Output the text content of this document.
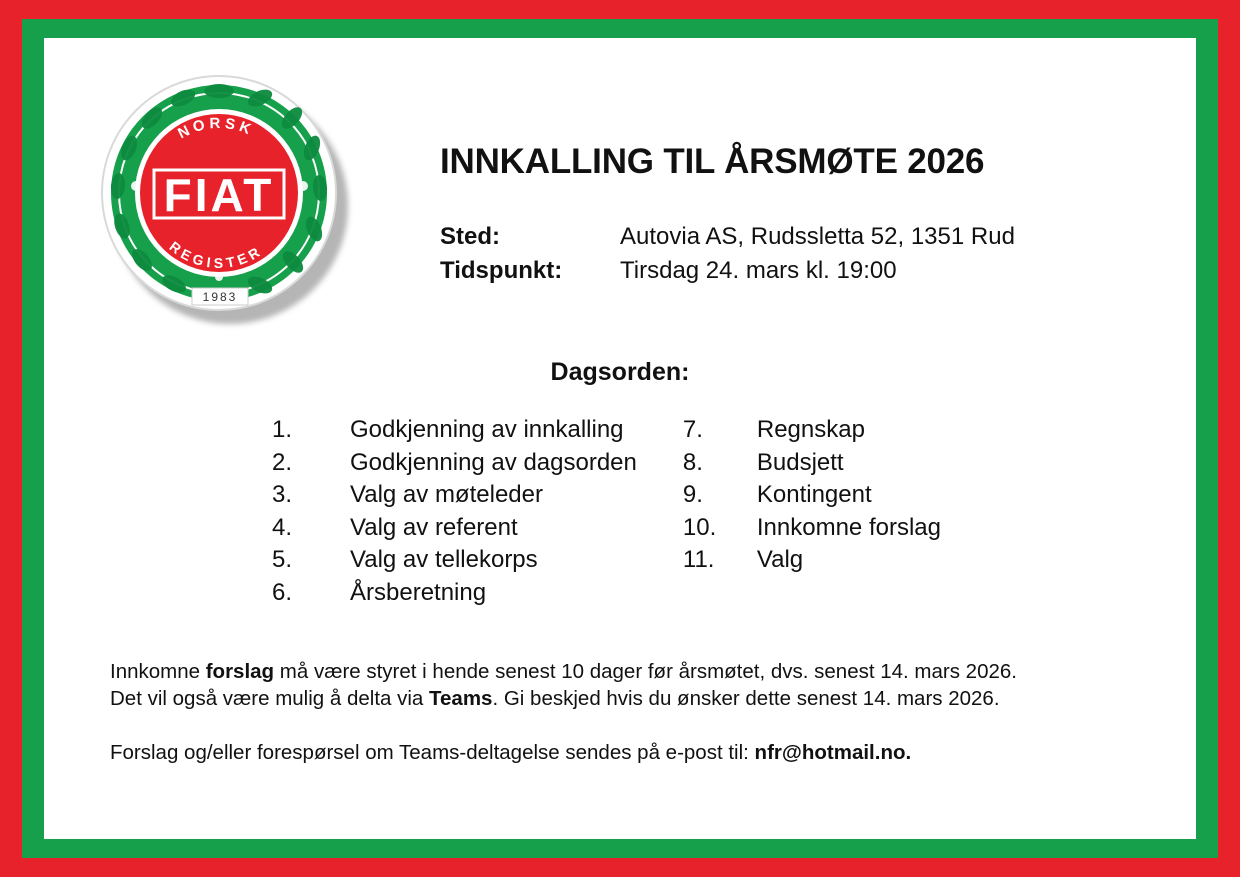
FIAT
NORSK
REGISTER
1983
INNKALLING TIL ÅRSMØTE 2026
Sted:	Autovia AS, Rudssletta 52, 1351 Rud
Tidspunkt:	Tirsdag 24. mars kl. 19:00
Dagsorden:
1.	Godkjenning av innkalling
2.	Godkjenning av dagsorden
3.	Valg av møteleder
4.	Valg av referent
5.	Valg av tellekorps
6.	Årsberetning
7.	Regnskap
8.	Budsjett
9.	Kontingent
10.	Innkomne forslag
11.	Valg
Innkomne forslag må være styret i hende senest 10 dager før årsmøtet, dvs. senest 14. mars 2026.
Det vil også være mulig å delta via Teams. Gi beskjed hvis du ønsker dette senest 14. mars 2026.
Forslag og/eller forespørsel om Teams-deltagelse sendes på e-post til: nfr@hotmail.no.
